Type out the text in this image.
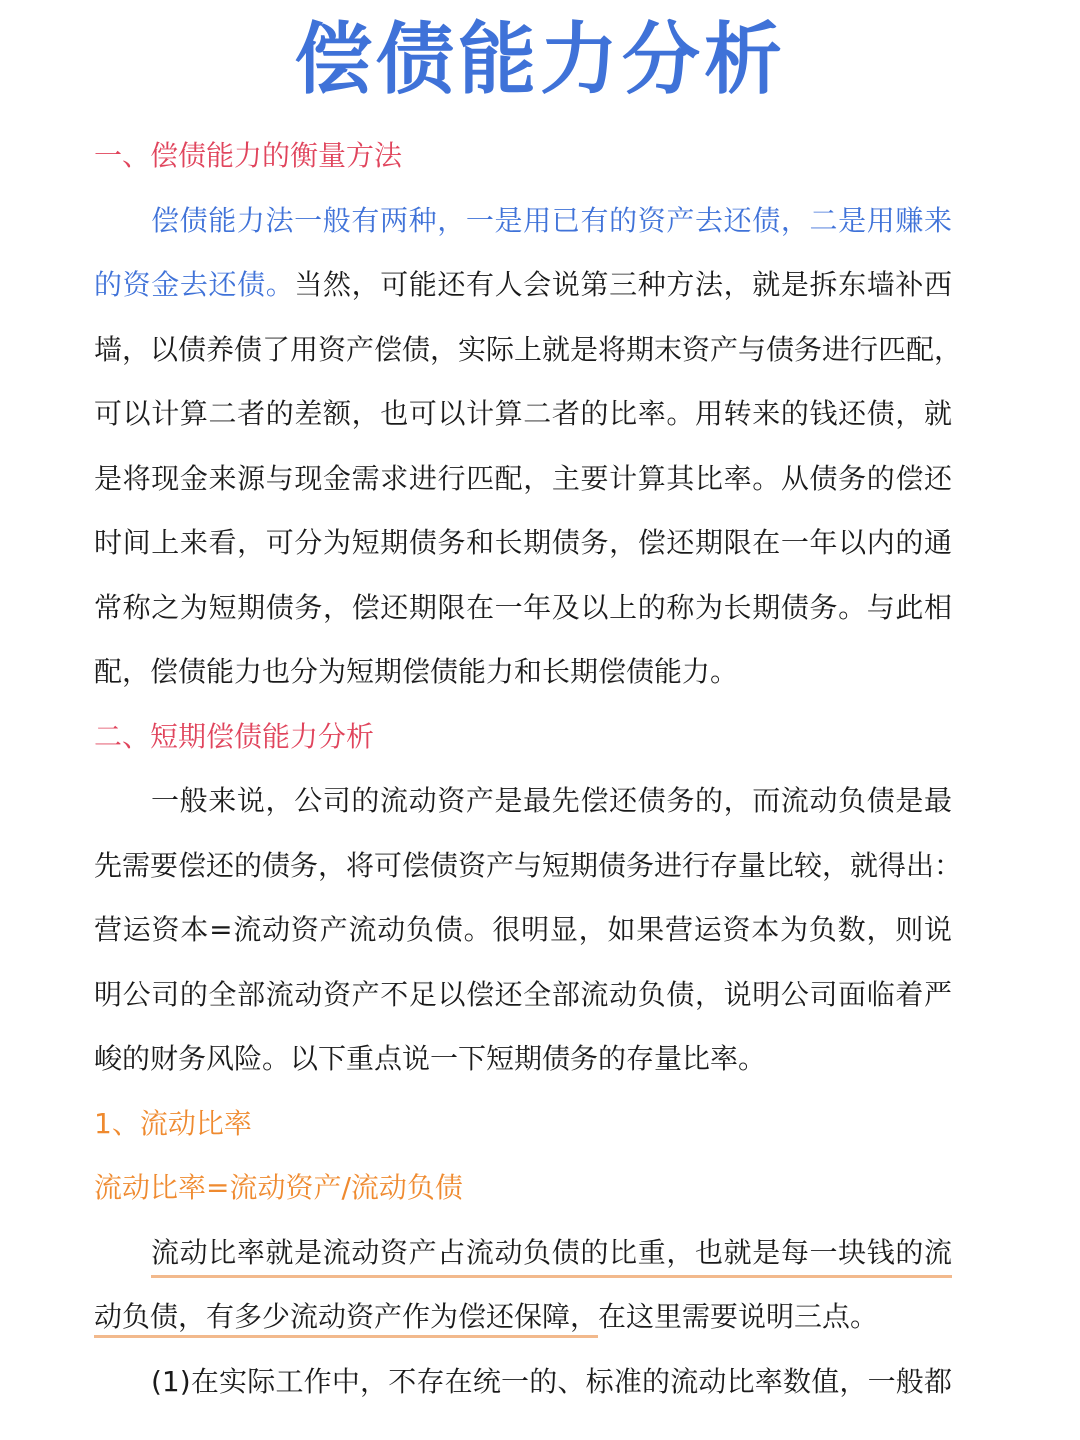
偿债能力分析
一、偿债能力的衡量方法
偿债能力法一般有两种，一是用已有的资产去还债，二是用赚来
的资金去还债。当然，可能还有人会说第三种方法，就是拆东墙补西
墙，以债养债了用资产偿债，实际上就是将期末资产与债务进行匹配，
可以计算二者的差额，也可以计算二者的比率。用转来的钱还债，就
是将现金来源与现金需求进行匹配，主要计算其比率。从债务的偿还
时间上来看，可分为短期债务和长期债务，偿还期限在一年以内的通
常称之为短期债务，偿还期限在一年及以上的称为长期债务。与此相
配，偿债能力也分为短期偿债能力和长期偿债能力。
二、短期偿债能力分析
一般来说，公司的流动资产是最先偿还债务的，而流动负债是最
先需要偿还的债务，将可偿债资产与短期债务进行存量比较，就得出：
营运资本=流动资产流动负债。很明显，如果营运资本为负数，则说
明公司的全部流动资产不足以偿还全部流动负债，说明公司面临着严
峻的财务风险。以下重点说一下短期债务的存量比率。
1、流动比率
流动比率=流动资产/流动负债
流动比率就是流动资产占流动负债的比重，也就是每一块钱的流
动负债，有多少流动资产作为偿还保障，在这里需要说明三点。
(1)在实际工作中，不存在统一的、标准的流动比率数值，一般都
